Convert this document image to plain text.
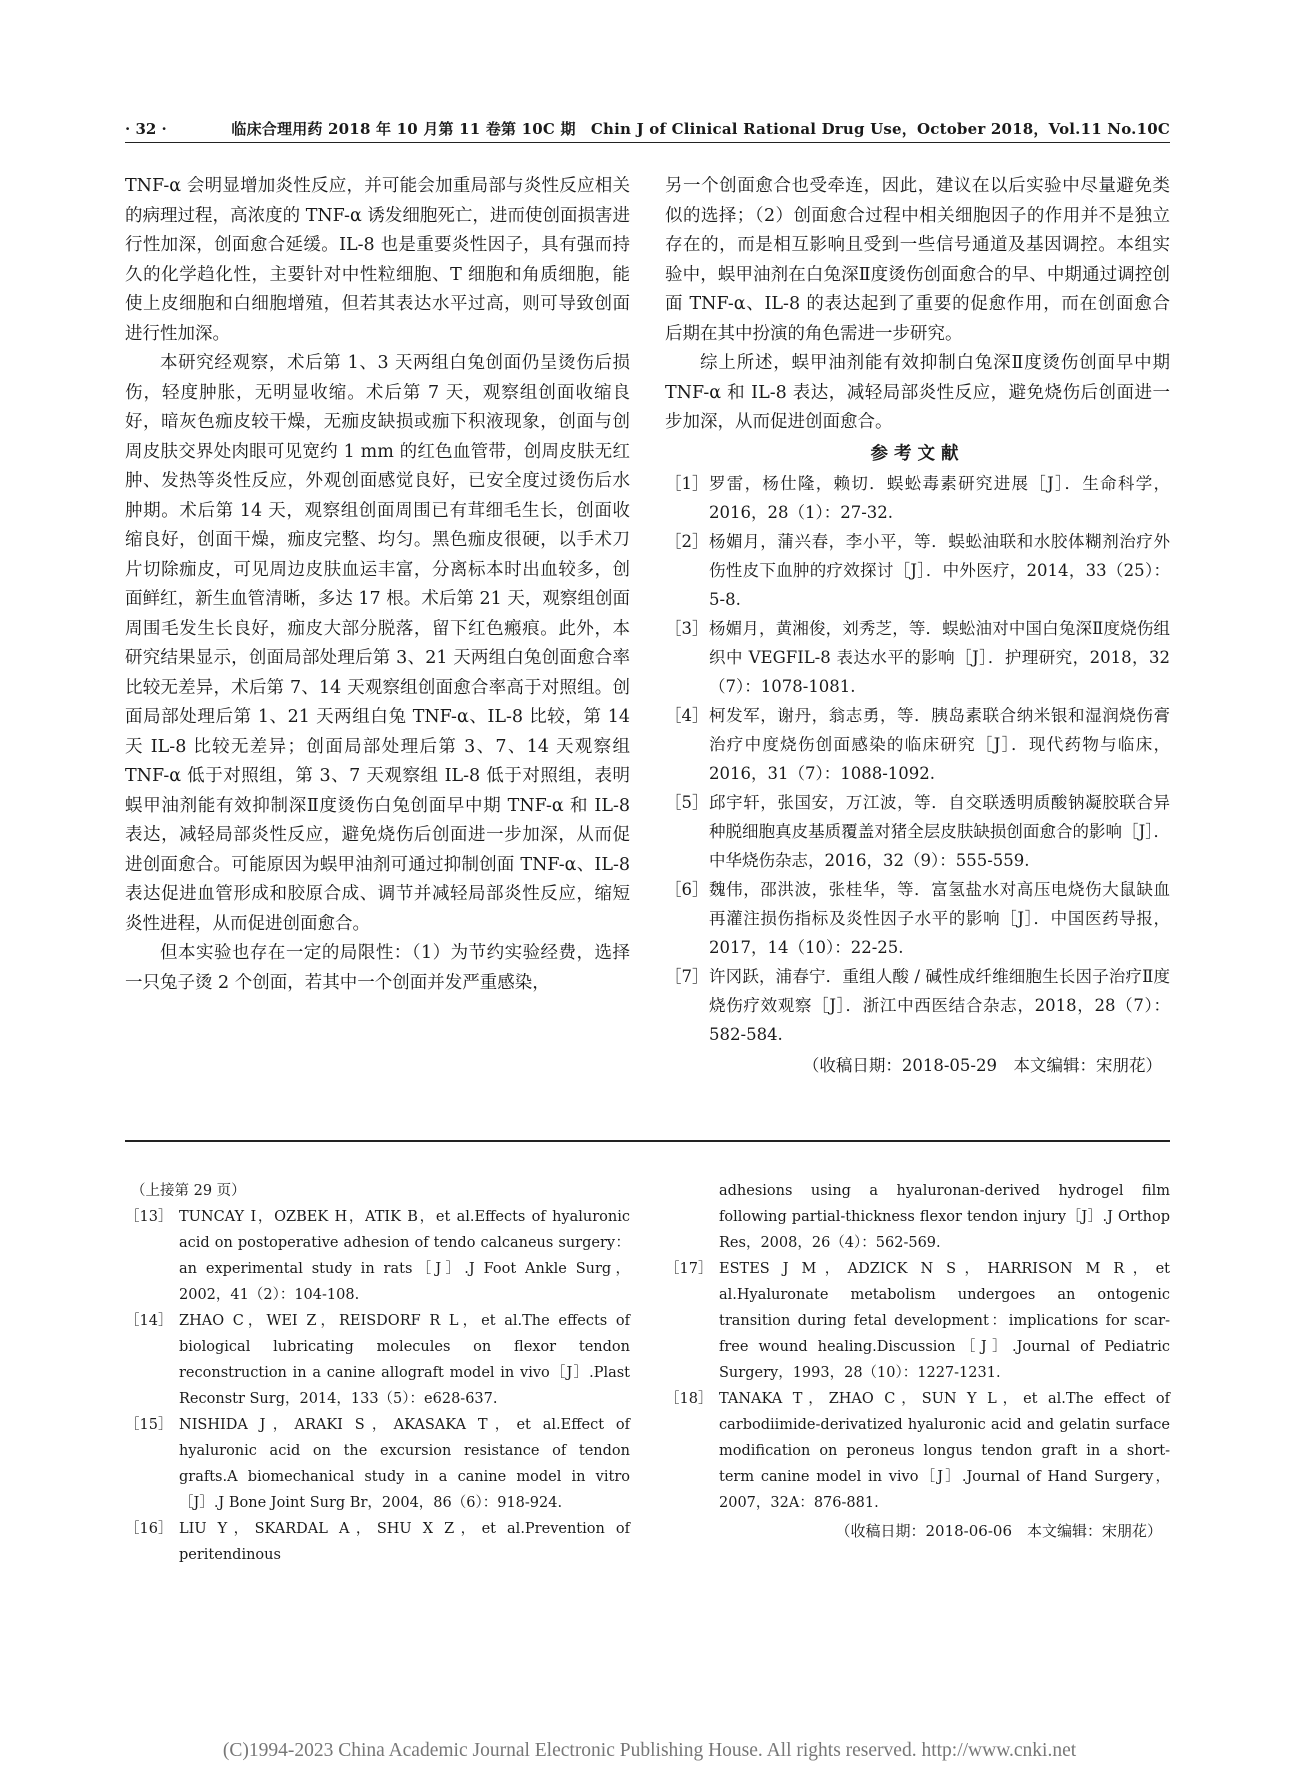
· 32 ·	临床合理用药 2018 年 10 月第 11 卷第 10C 期　Chin J of Clinical Rational Drug Use，October 2018，Vol.11 No.10C

TNF-α 会明显增加炎性反应，并可能会加重局部与炎性反应相关的病理过程，高浓度的 TNF-α 诱发细胞死亡，进而使创面损害进行性加深，创面愈合延缓。IL-8 也是重要炎性因子，具有强而持久的化学趋化性，主要针对中性粒细胞、T 细胞和角质细胞，能使上皮细胞和白细胞增殖，但若其表达水平过高，则可导致创面进行性加深。

本研究经观察，术后第 1、3 天两组白兔创面仍呈烫伤后损伤，轻度肿胀，无明显收缩。术后第 7 天，观察组创面收缩良好，暗灰色痂皮较干燥，无痂皮缺损或痂下积液现象，创面与创周皮肤交界处肉眼可见宽约 1 mm 的红色血管带，创周皮肤无红肿、发热等炎性反应，外观创面感觉良好，已安全度过烫伤后水肿期。术后第 14 天，观察组创面周围已有茸细毛生长，创面收缩良好，创面干燥，痂皮完整、均匀。黑色痂皮很硬，以手术刀片切除痂皮，可见周边皮肤血运丰富，分离标本时出血较多，创面鲜红，新生血管清晰，多达 17 根。术后第 21 天，观察组创面周围毛发生长良好，痂皮大部分脱落，留下红色瘢痕。此外，本研究结果显示，创面局部处理后第 3、21 天两组白兔创面愈合率比较无差异，术后第 7、14 天观察组创面愈合率高于对照组。创面局部处理后第 1、21 天两组白兔 TNF-α、IL-8 比较，第 14 天 IL-8 比较无差异；创面局部处理后第 3、7、14 天观察组 TNF-α 低于对照组，第 3、7 天观察组 IL-8 低于对照组，表明蜈甲油剂能有效抑制深Ⅱ度烫伤白兔创面早中期 TNF-α 和 IL-8 表达，减轻局部炎性反应，避免烧伤后创面进一步加深，从而促进创面愈合。可能原因为蜈甲油剂可通过抑制创面 TNF-α、IL-8 表达促进血管形成和胶原合成、调节并减轻局部炎性反应，缩短炎性进程，从而促进创面愈合。

但本实验也存在一定的局限性：（1）为节约实验经费，选择一只兔子烫 2 个创面，若其中一个创面并发严重感染，

另一个创面愈合也受牵连，因此，建议在以后实验中尽量避免类似的选择；（2）创面愈合过程中相关细胞因子的作用并不是独立存在的，而是相互影响且受到一些信号通道及基因调控。本组实验中，蜈甲油剂在白兔深Ⅱ度烫伤创面愈合的早、中期通过调控创面 TNF-α、IL-8 的表达起到了重要的促愈作用，而在创面愈合后期在其中扮演的角色需进一步研究。

综上所述，蜈甲油剂能有效抑制白兔深Ⅱ度烫伤创面早中期 TNF-α 和 IL-8 表达，减轻局部炎性反应，避免烧伤后创面进一步加深，从而促进创面愈合。

参考文献
［1］ 罗雷，杨仕隆，赖切．蜈蚣毒素研究进展［J］．生命科学，2016，28（1）：27-32.
［2］ 杨媚月，蒲兴春，李小平，等．蜈蚣油联和水胶体糊剂治疗外伤性皮下血肿的疗效探讨［J］．中外医疗，2014，33（25）：5-8.
［3］ 杨媚月，黄湘俊，刘秀芝，等．蜈蚣油对中国白兔深Ⅱ度烧伤组织中 VEGFIL-8 表达水平的影响［J］．护理研究，2018，32（7）：1078-1081.
［4］ 柯发军，谢丹，翁志勇，等．胰岛素联合纳米银和湿润烧伤膏治疗中度烧伤创面感染的临床研究［J］．现代药物与临床，2016，31（7）：1088-1092.
［5］ 邱宇轩，张国安，万江波，等．自交联透明质酸钠凝胶联合异种脱细胞真皮基质覆盖对猪全层皮肤缺损创面愈合的影响［J］．中华烧伤杂志，2016，32（9）：555-559.
［6］ 魏伟，邵洪波，张桂华，等．富氢盐水对高压电烧伤大鼠缺血再灌注损伤指标及炎性因子水平的影响［J］．中国医药导报，2017，14（10）：22-25.
［7］ 许冈跃，浦春宁．重组人酸 / 碱性成纤维细胞生长因子治疗Ⅱ度烧伤疗效观察［J］．浙江中西医结合杂志，2018，28（7）：582-584.
（收稿日期：2018-05-29　本文编辑：宋朋花）
（上接第 29 页）
［13］ TUNCAY I，OZBEK H，ATIK B，et al.Effects of hyaluronic acid on postoperative adhesion of tendo calcaneus surgery：an experimental study in rats［J］.J Foot Ankle Surg，2002，41（2）：104-108.
［14］ ZHAO C，WEI Z，REISDORF R L，et al.The effects of biological lubricating molecules on flexor tendon reconstruction in a canine allograft model in vivo［J］.Plast Reconstr Surg，2014，133（5）：e628-637.
［15］ NISHIDA J，ARAKI S，AKASAKA T，et al.Effect of hyaluronic acid on the excursion resistance of tendon grafts.A biomechanical study in a canine model in vitro［J］.J Bone Joint Surg Br，2004，86（6）：918-924.
［16］ LIU Y，SKARDAL A，SHU X Z，et al.Prevention of peritendinous
adhesions using a hyaluronan-derived hydrogel film following partial-thickness flexor tendon injury［J］.J Orthop Res，2008，26（4）：562-569.
［17］ ESTES J M，ADZICK N S，HARRISON M R，et al.Hyaluronate metabolism undergoes an ontogenic transition during fetal development：implications for scar-free wound healing.Discussion［J］.Journal of Pediatric Surgery，1993，28（10）：1227-1231.
［18］ TANAKA T，ZHAO C，SUN Y L，et al.The effect of carbodiimide-derivatized hyaluronic acid and gelatin surface modification on peroneus longus tendon graft in a short-term canine model in vivo［J］.Journal of Hand Surgery，2007，32A：876-881.
（收稿日期：2018-06-06　本文编辑：宋朋花）
(C)1994-2023 China Academic Journal Electronic Publishing House. All rights reserved. http://www.cnki.net
